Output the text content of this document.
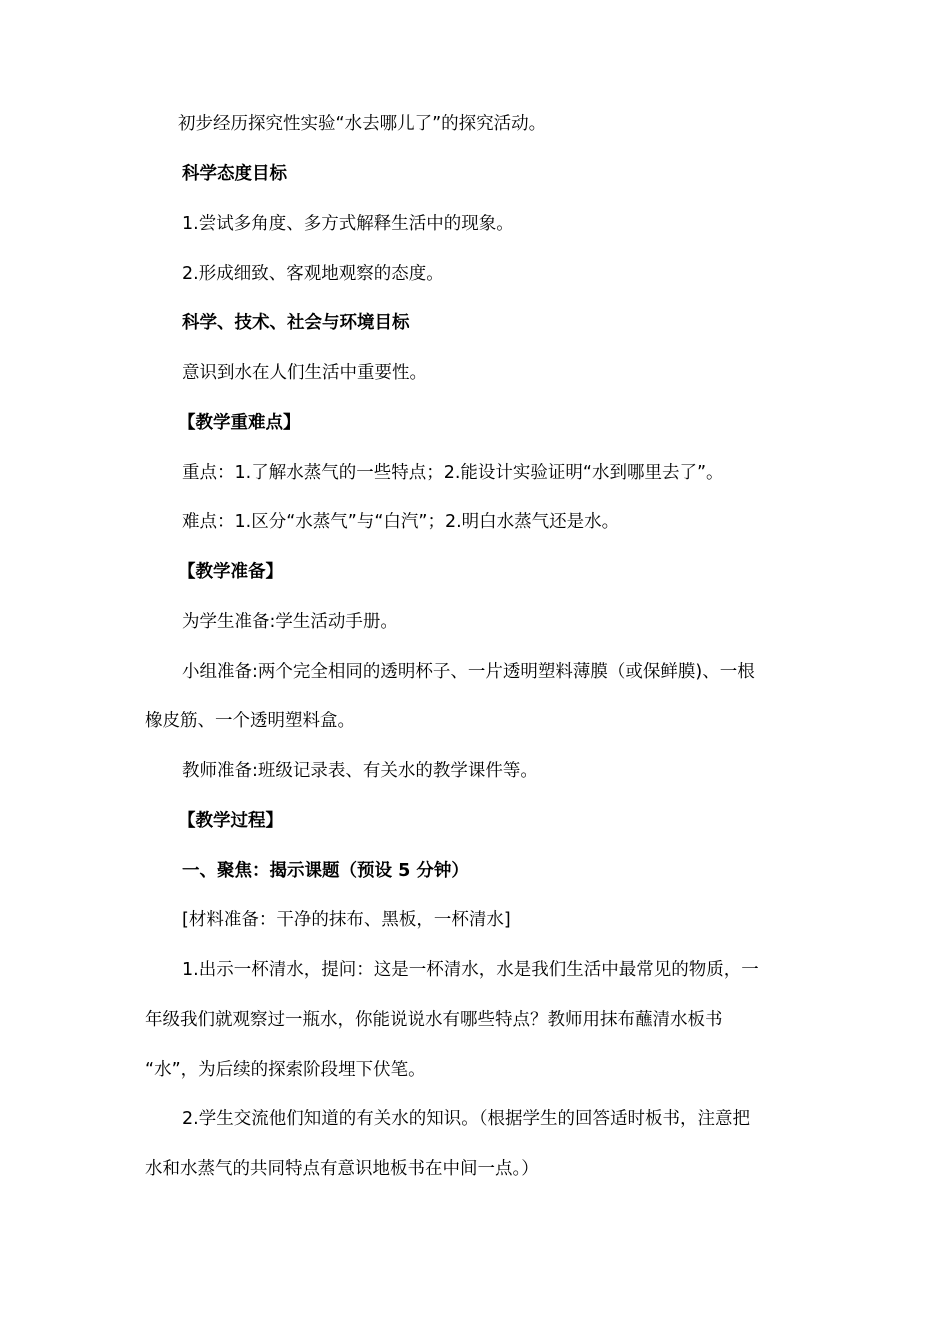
初步经历探究性实验“水去哪儿了”的探究活动。
科学态度目标
1.尝试多角度、多方式解释生活中的现象。
2.形成细致、客观地观察的态度。
科学、技术、社会与环境目标
意识到水在人们生活中重要性。
【教学重难点】
重点：1.了解水蒸气的一些特点；2.能设计实验证明“水到哪里去了”。
难点：1.区分“水蒸气”与“白汽”；2.明白水蒸气还是水。
【教学准备】
为学生准备:学生活动手册。
小组准备:两个完全相同的透明杯子、一片透明塑料薄膜（或保鲜膜)、一根
橡皮筋、一个透明塑料盒。
教师准备:班级记录表、有关水的教学课件等。
【教学过程】
一、聚焦：揭示课题（预设 5 分钟）
[材料准备：干净的抹布、黑板，一杯清水]
1.出示一杯清水，提问：这是一杯清水，水是我们生活中最常见的物质，一
年级我们就观察过一瓶水，你能说说水有哪些特点？教师用抹布蘸清水板书
“水”，为后续的探索阶段埋下伏笔。
2.学生交流他们知道的有关水的知识。（根据学生的回答适时板书，注意把
水和水蒸气的共同特点有意识地板书在中间一点。）
